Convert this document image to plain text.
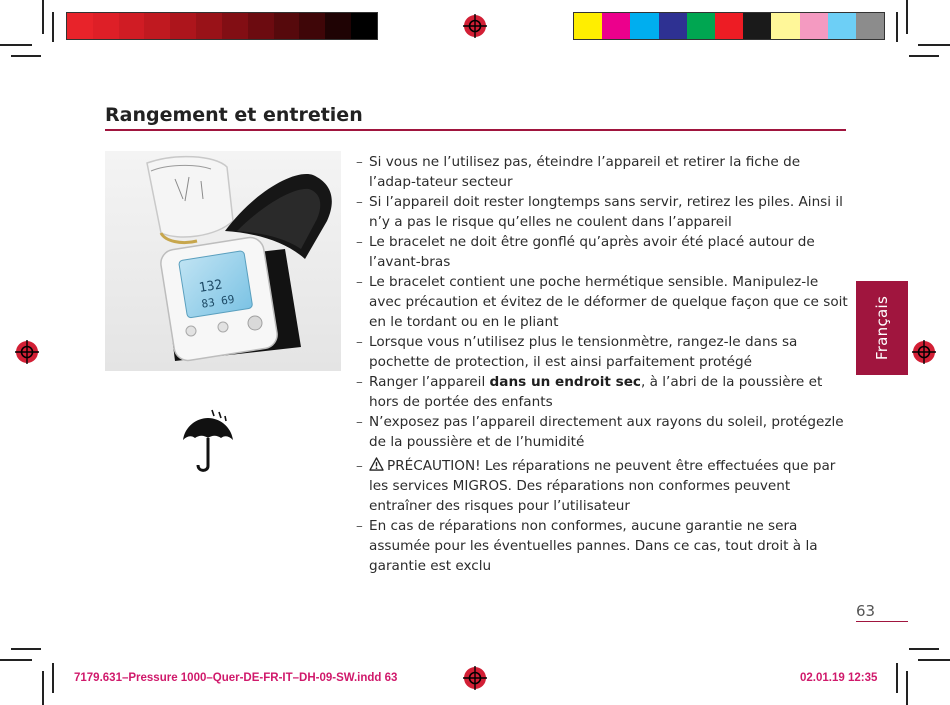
Rangement et entretien
132
83 69
– Si vous ne l’utilisez pas, éteindre l’appareil et retirer la fiche de l’adap-tateur secteur
– Si l’appareil doit rester longtemps sans servir, retirez les piles. Ainsi il n’y a pas le risque qu’elles ne coulent dans l’appareil
– Le bracelet ne doit être gonflé qu’après avoir été placé autour de l’avant-bras
– Le bracelet contient une poche hermétique sensible. Manipulez-le avec précaution et évitez de le déformer de quelque façon que ce soit en le tordant ou en le pliant
– Lorsque vous n’utilisez plus le tensionmètre, rangez-le dans sa pochette de protection, il est ainsi parfaitement protégé
– Ranger l’appareil dans un endroit sec, à l’abri de la poussière et hors de portée des enfants
– N’exposez pas l’appareil directement aux rayons du soleil, protégezle de la poussière et de l’humidité
– PRÉCAUTION! Les réparations ne peuvent être effectuées que par les services MIGROS. Des réparations non conformes peuvent entraîner des risques pour l’utilisateur
– En cas de réparations non conformes, aucune garantie ne sera assumée pour les éventuelles pannes. Dans ce cas, tout droit à la garantie est exclu
Français
63
7179.631–Pressure 1000–Quer-DE-FR-IT–DH-09-SW.indd 63	02.01.19 12:35
